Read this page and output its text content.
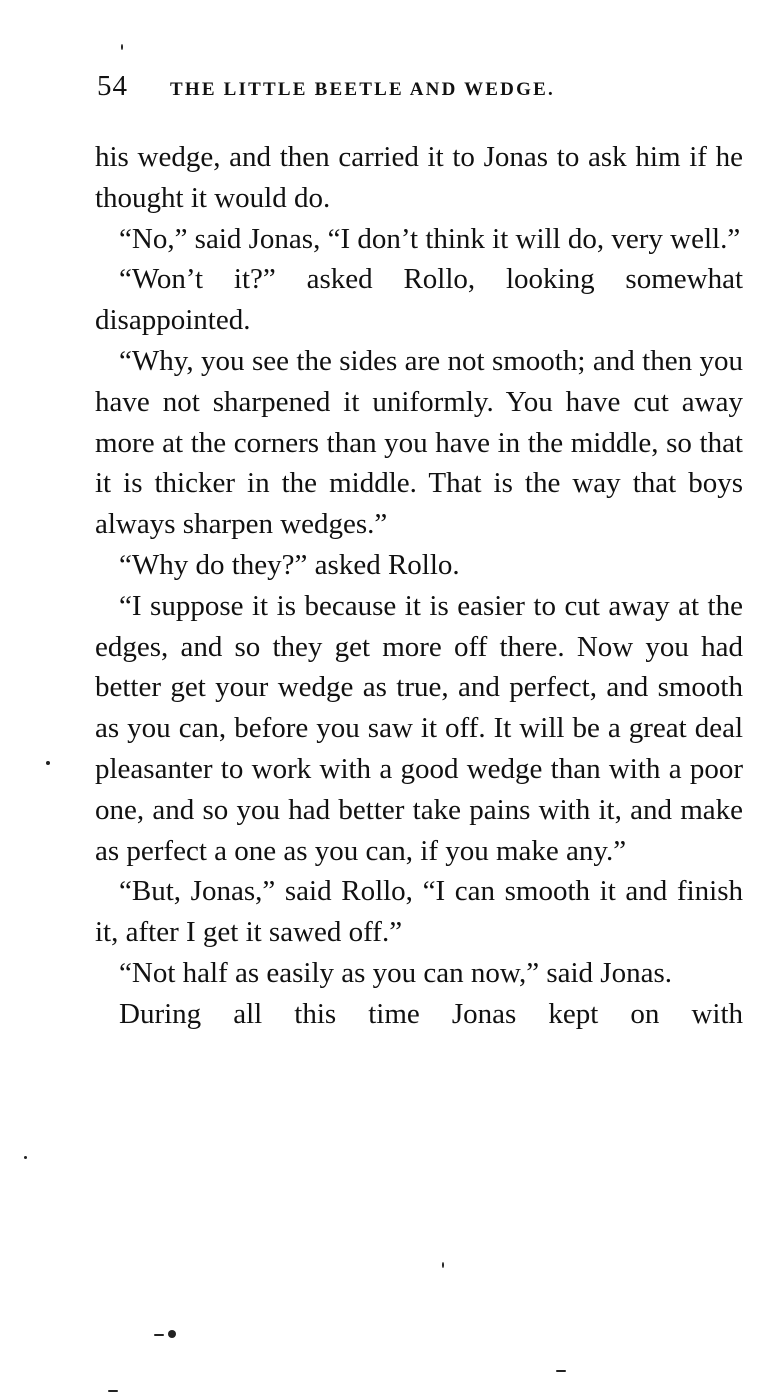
54 THE LITTLE BEETLE AND WEDGE.

his wedge, and then carried it to Jonas to ask him if he thought it would do.

“No,” said Jonas, “I don’t think it will do, very well.”

“Won’t it?” asked Rollo, looking somewhat disappointed.

“Why, you see the sides are not smooth; and then you have not sharpened it uniformly. You have cut away more at the corners than you have in the middle, so that it is thicker in the middle. That is the way that boys always sharpen wedges.”

“Why do they?” asked Rollo.

“I suppose it is because it is easier to cut away at the edges, and so they get more off there. Now you had better get your wedge as true, and perfect, and smooth as you can, before you saw it off. It will be a great deal pleasanter to work with a good wedge than with a poor one, and so you had better take pains with it, and make as perfect a one as you can, if you make any.”

“But, Jonas,” said Rollo, “I can smooth it and finish it, after I get it sawed off.”

“Not half as easily as you can now,” said Jonas.

During all this time Jonas kept on with
